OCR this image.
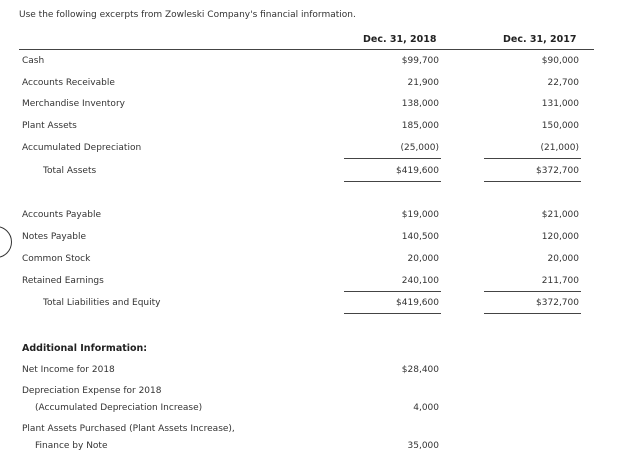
Use the following excerpts from Zowleski Company's financial information.
Dec. 31, 2018	Dec. 31, 2017
Cash	$99,700	$90,000
Accounts Receivable	21,900	22,700
Merchandise Inventory	138,000	131,000
Plant Assets	185,000	150,000
Accumulated Depreciation	(25,000)	(21,000)
Total Assets	$419,600	$372,700
Accounts Payable	$19,000	$21,000
Notes Payable	140,500	120,000
Common Stock	20,000	20,000
Retained Earnings	240,100	211,700
Total Liabilities and Equity	$419,600	$372,700
Additional Information:
Net Income for 2018	$28,400
Depreciation Expense for 2018
(Accumulated Depreciation Increase)	4,000
Plant Assets Purchased (Plant Assets Increase),
Finance by Note	35,000
